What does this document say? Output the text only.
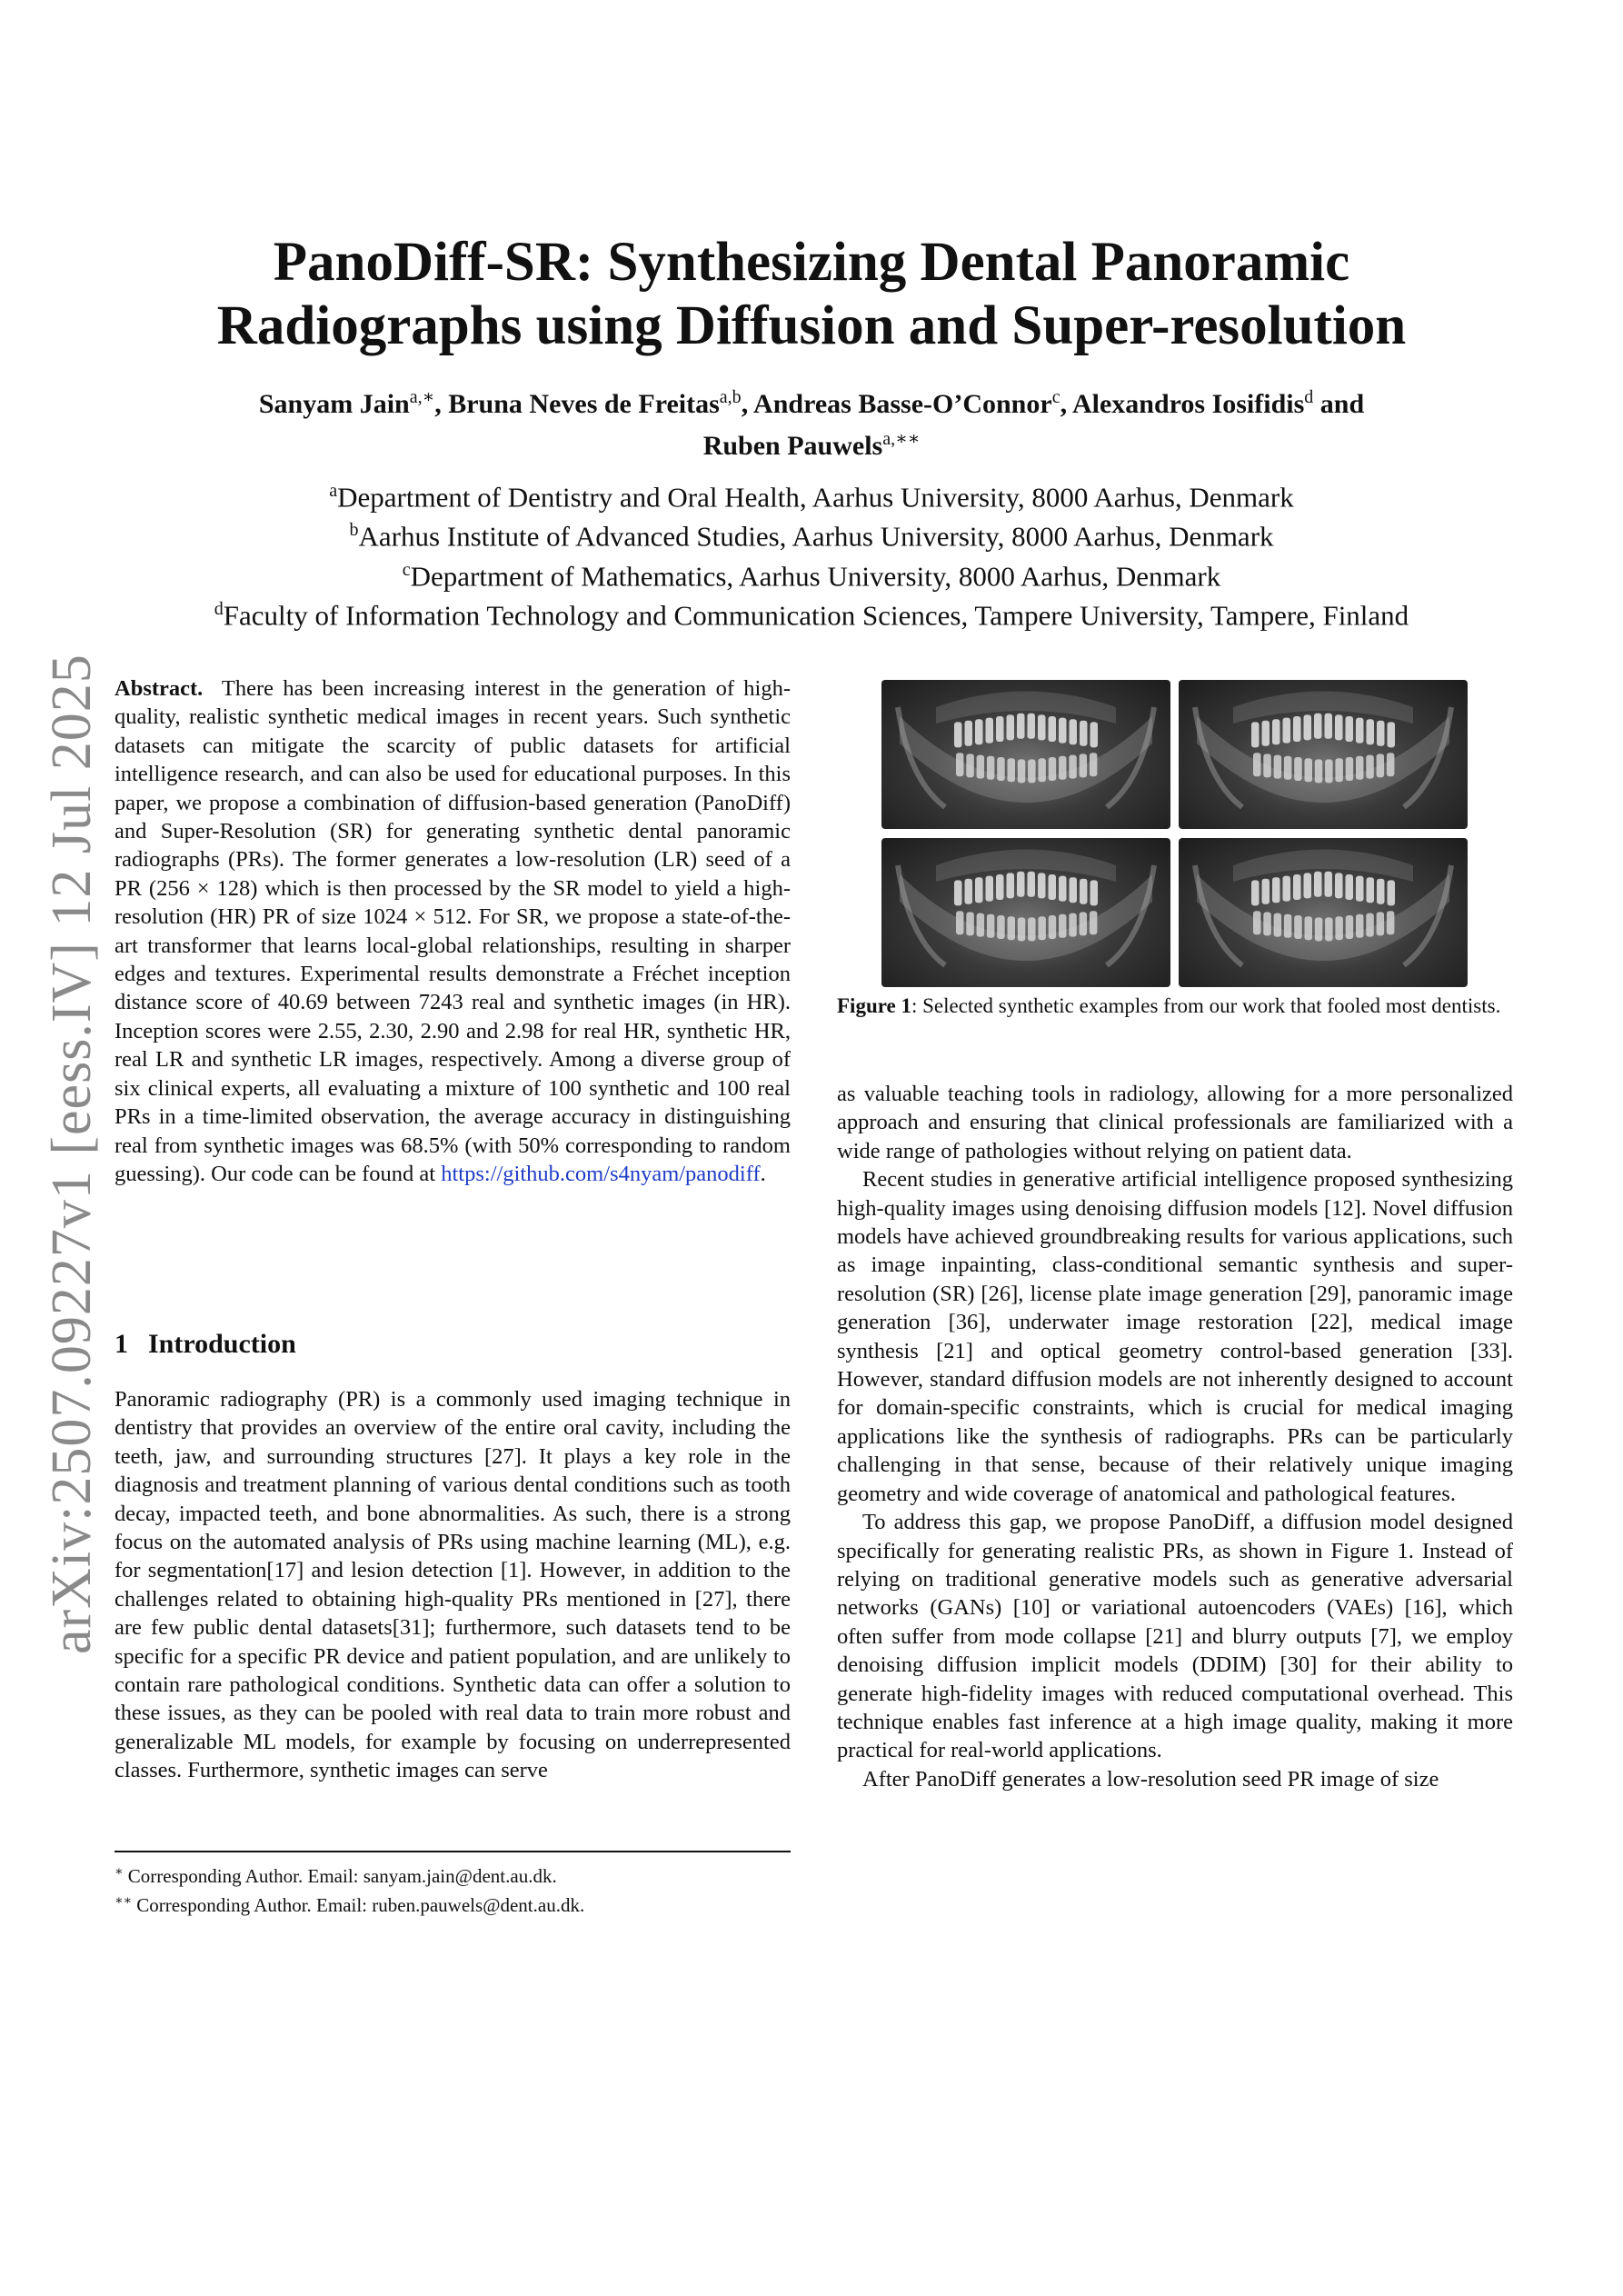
arXiv:2507.09227v1 [eess.IV] 12 Jul 2025
PanoDiff-SR: Synthesizing Dental Panoramic
Radiographs using Diffusion and Super-resolution
Sanyam Jain$^{a,∗}$, Bruna Neves de Freitas$^{a,b}$, Andreas Basse-O’Connor$^c$, Alexandros Iosifidis$^d$ and
Ruben Pauwels$^{a,∗∗}$
$^a$Department of Dentistry and Oral Health, Aarhus University, 8000 Aarhus, Denmark
$^b$Aarhus Institute of Advanced Studies, Aarhus University, 8000 Aarhus, Denmark
$^c$Department of Mathematics, Aarhus University, 8000 Aarhus, Denmark
$^d$Faculty of Information Technology and Communication Sciences, Tampere University, Tampere, Finland

Abstract. There has been increasing interest in the generation of high-quality, realistic synthetic medical images in recent years. Such synthetic datasets can mitigate the scarcity of public datasets for artificial intelligence research, and can also be used for educational purposes. In this paper, we propose a combination of diffusion-based generation (PanoDiff) and Super-Resolution (SR) for generating synthetic dental panoramic radiographs (PRs). The former generates a low-resolution (LR) seed of a PR (256 × 128) which is then processed by the SR model to yield a high-resolution (HR) PR of size 1024 × 512. For SR, we propose a state-of-the-art transformer that learns local-global relationships, resulting in sharper edges and textures. Experimental results demonstrate a Fréchet inception distance score of 40.69 between 7243 real and synthetic images (in HR). Inception scores were 2.55, 2.30, 2.90 and 2.98 for real HR, synthetic HR, real LR and synthetic LR images, respectively. Among a diverse group of six clinical experts, all evaluating a mixture of 100 synthetic and 100 real PRs in a time-limited observation, the average accuracy in distinguishing real from synthetic images was 68.5% (with 50% corresponding to random guessing). Our code can be found at https://github.com/s4nyam/panodiff.

1 Introduction

Panoramic radiography (PR) is a commonly used imaging technique in dentistry that provides an overview of the entire oral cavity, including the teeth, jaw, and surrounding structures [27]. It plays a key role in the diagnosis and treatment planning of various dental conditions such as tooth decay, impacted teeth, and bone abnormalities. As such, there is a strong focus on the automated analysis of PRs using machine learning (ML), e.g. for segmentation[17] and lesion detection [1]. However, in addition to the challenges related to obtaining high-quality PRs mentioned in [27], there are few public dental datasets[31]; furthermore, such datasets tend to be specific for a specific PR device and patient population, and are unlikely to contain rare pathological conditions. Synthetic data can offer a solution to these issues, as they can be pooled with real data to train more robust and generalizable ML models, for example by focusing on underrepresented classes. Furthermore, synthetic images can serve

∗ Corresponding Author. Email: sanyam.jain@dent.au.dk.
∗∗ Corresponding Author. Email: ruben.pauwels@dent.au.dk.
Figure 1: Selected synthetic examples from our work that fooled most dentists.

as valuable teaching tools in radiology, allowing for a more personalized approach and ensuring that clinical professionals are familiarized with a wide range of pathologies without relying on patient data.

Recent studies in generative artificial intelligence proposed synthesizing high-quality images using denoising diffusion models [12]. Novel diffusion models have achieved groundbreaking results for various applications, such as image inpainting, class-conditional semantic synthesis and super-resolution (SR) [26], license plate image generation [29], panoramic image generation [36], underwater image restoration [22], medical image synthesis [21] and optical geometry control-based generation [33]. However, standard diffusion models are not inherently designed to account for domain-specific constraints, which is crucial for medical imaging applications like the synthesis of radiographs. PRs can be particularly challenging in that sense, because of their relatively unique imaging geometry and wide coverage of anatomical and pathological features.

To address this gap, we propose PanoDiff, a diffusion model designed specifically for generating realistic PRs, as shown in Figure 1. Instead of relying on traditional generative models such as generative adversarial networks (GANs) [10] or variational autoencoders (VAEs) [16], which often suffer from mode collapse [21] and blurry outputs [7], we employ denoising diffusion implicit models (DDIM) [30] for their ability to generate high-fidelity images with reduced computational overhead. This technique enables fast inference at a high image quality, making it more practical for real-world applications.

After PanoDiff generates a low-resolution seed PR image of size
